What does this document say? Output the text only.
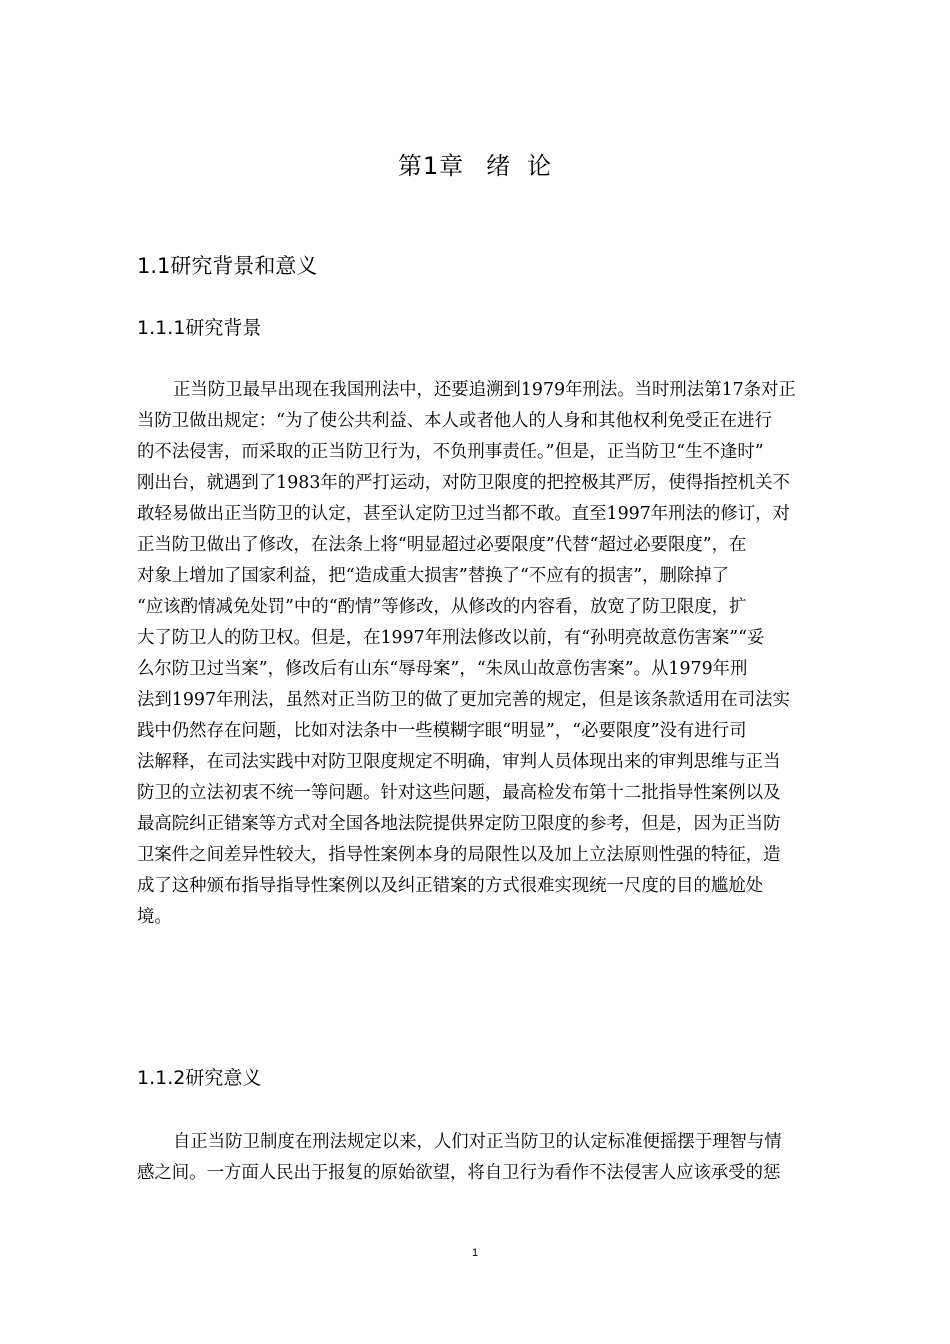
第1章 绪 论
1.1研究背景和意义
1.1.1研究背景
正当防卫最早出现在我国刑法中，还要追溯到1979年刑法。当时刑法第17条对正
当防卫做出规定：“为了使公共利益、本人或者他人的人身和其他权利免受正在进行
的不法侵害，而采取的正当防卫行为，不负刑事责任。”但是，正当防卫“生不逢时”
刚出台，就遇到了1983年的严打运动，对防卫限度的把控极其严厉，使得指控机关不
敢轻易做出正当防卫的认定，甚至认定防卫过当都不敢。直至1997年刑法的修订，对
正当防卫做出了修改，在法条上将“明显超过必要限度”代替“超过必要限度”，在
对象上增加了国家利益，把“造成重大损害”替换了“不应有的损害”，删除掉了
“应该酌情减免处罚”中的“酌情”等修改，从修改的内容看，放宽了防卫限度，扩
大了防卫人的防卫权。但是，在1997年刑法修改以前，有“孙明亮故意伤害案”“妥
么尔防卫过当案”，修改后有山东“辱母案”，“朱凤山故意伤害案”。从1979年刑
法到1997年刑法，虽然对正当防卫的做了更加完善的规定，但是该条款适用在司法实
践中仍然存在问题，比如对法条中一些模糊字眼“明显”，“必要限度”没有进行司
法解释，在司法实践中对防卫限度规定不明确，审判人员体现出来的审判思维与正当
防卫的立法初衷不统一等问题。针对这些问题，最高检发布第十二批指导性案例以及
最高院纠正错案等方式对全国各地法院提供界定防卫限度的参考，但是，因为正当防
卫案件之间差异性较大，指导性案例本身的局限性以及加上立法原则性强的特征，造
成了这种颁布指导指导性案例以及纠正错案的方式很难实现统一尺度的目的尴尬处
境。
1.1.2研究意义
自正当防卫制度在刑法规定以来，人们对正当防卫的认定标准便摇摆于理智与情
感之间。一方面人民出于报复的原始欲望，将自卫行为看作不法侵害人应该承受的惩
1
